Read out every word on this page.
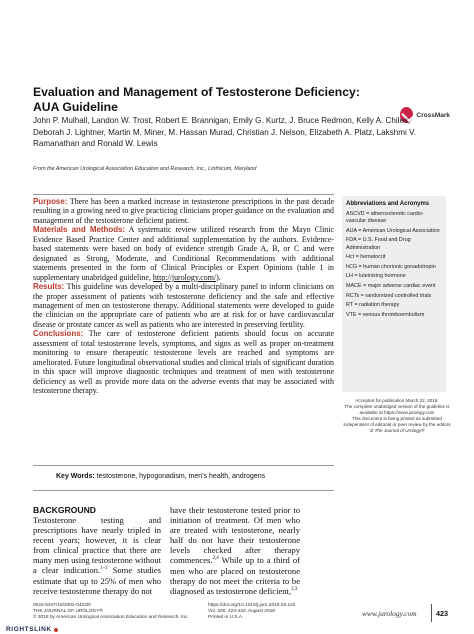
Evaluation and Management of Testosterone Deficiency:
AUA Guideline
CrossMark
John P. Mulhall, Landon W. Trost, Robert E. Brannigan, Emily G. Kurtz, J. Bruce Redmon, Kelly A. Chiles, Deborah J. Lightner, Martin M. Miner, M. Hassan Murad, Christian J. Nelson, Elizabeth A. Platz, Lakshmi V. Ramanathan and Ronald W. Lewis
From the American Urological Association Education and Research, Inc., Linthicum, Maryland

Purpose: There has been a marked increase in testosterone prescriptions in the past decade resulting in a growing need to give practicing clinicians proper guidance on the evaluation and management of the testosterone deficient patient.

Materials and Methods: A systematic review utilized research from the Mayo Clinic Evidence Based Practice Center and additional supplementation by the authors. Evidence-based statements were based on body of evidence strength Grade A, B, or C and were designated as Strong, Moderate, and Conditional Recommendations with additional statements presented in the form of Clinical Principles or Expert Opinions (table 1 in supplementary unabridged guideline, http://jurology.com/).

Results: This guideline was developed by a multi-disciplinary panel to inform clinicians on the proper assessment of patients with testosterone deficiency and the safe and effective management of men on testosterone therapy. Additional statements were developed to guide the clinician on the appropriate care of patients who are at risk for or have cardiovascular disease or prostate cancer as well as patients who are interested in preserving fertility.

Conclusions: The care of testosterone deficient patients should focus on accurate assessment of total testosterone levels, symptoms, and signs as well as proper on-treatment monitoring to ensure therapeutic testosterone levels are reached and symptoms are ameliorated. Future longitudinal observational studies and clinical trials of significant duration in this space will improve diagnostic techniques and treatment of men with testosterone deficiency as well as provide more data on the adverse events that may be associated with testosterone therapy.

Key Words: testosterone, hypogonadism, men’s health, androgens
Abbreviations and Acronyms
ASCVD = atherosclerotic cardio-vascular disease
AUA = American Urological Association
FDA = U.S. Food and Drug Administration
Hct = hematocrit
hCG = human chorionic gonadotropin
LH = luteinizing hormone
MACE = major adverse cardiac event
RCTs = randomized controlled trials
RT = radiation therapy
VTE = venous thromboembolism
Accepted for publication March 22, 2018.
The complete unabridged version of the guideline is available at https://www.jurology.com
This document is being printed as submitted independent of editorial or peer review by the editors of The Journal of Urology®
BACKGROUND
Testosterone testing and prescriptions have nearly tripled in recent years; however, it is clear from clinical practice that there are many men using testosterone without a clear indication.$^{1-3}$ Some studies estimate that up to 25% of men who receive testosterone therapy do not
have their testosterone tested prior to initiation of treatment. Of men who are treated with testosterone, nearly half do not have their testosterone levels checked after therapy commences.$^{2,4}$ While up to a third of men who are placed on testosterone therapy do not meet the criteria to be diagnosed as testosterone deficient,$^{2,3}$
0022-5347/18/2002-0423/0
THE JOURNAL OF UROLOGY®
© 2018 by American Urological Association Education and Research, Inc.
https://doi.org/10.1016/j.juro.2018.03.115
Vol. 200, 423-432, August 2018
Printed in U.S.A.	www.jurology.com	423
RIGHTSLINK
